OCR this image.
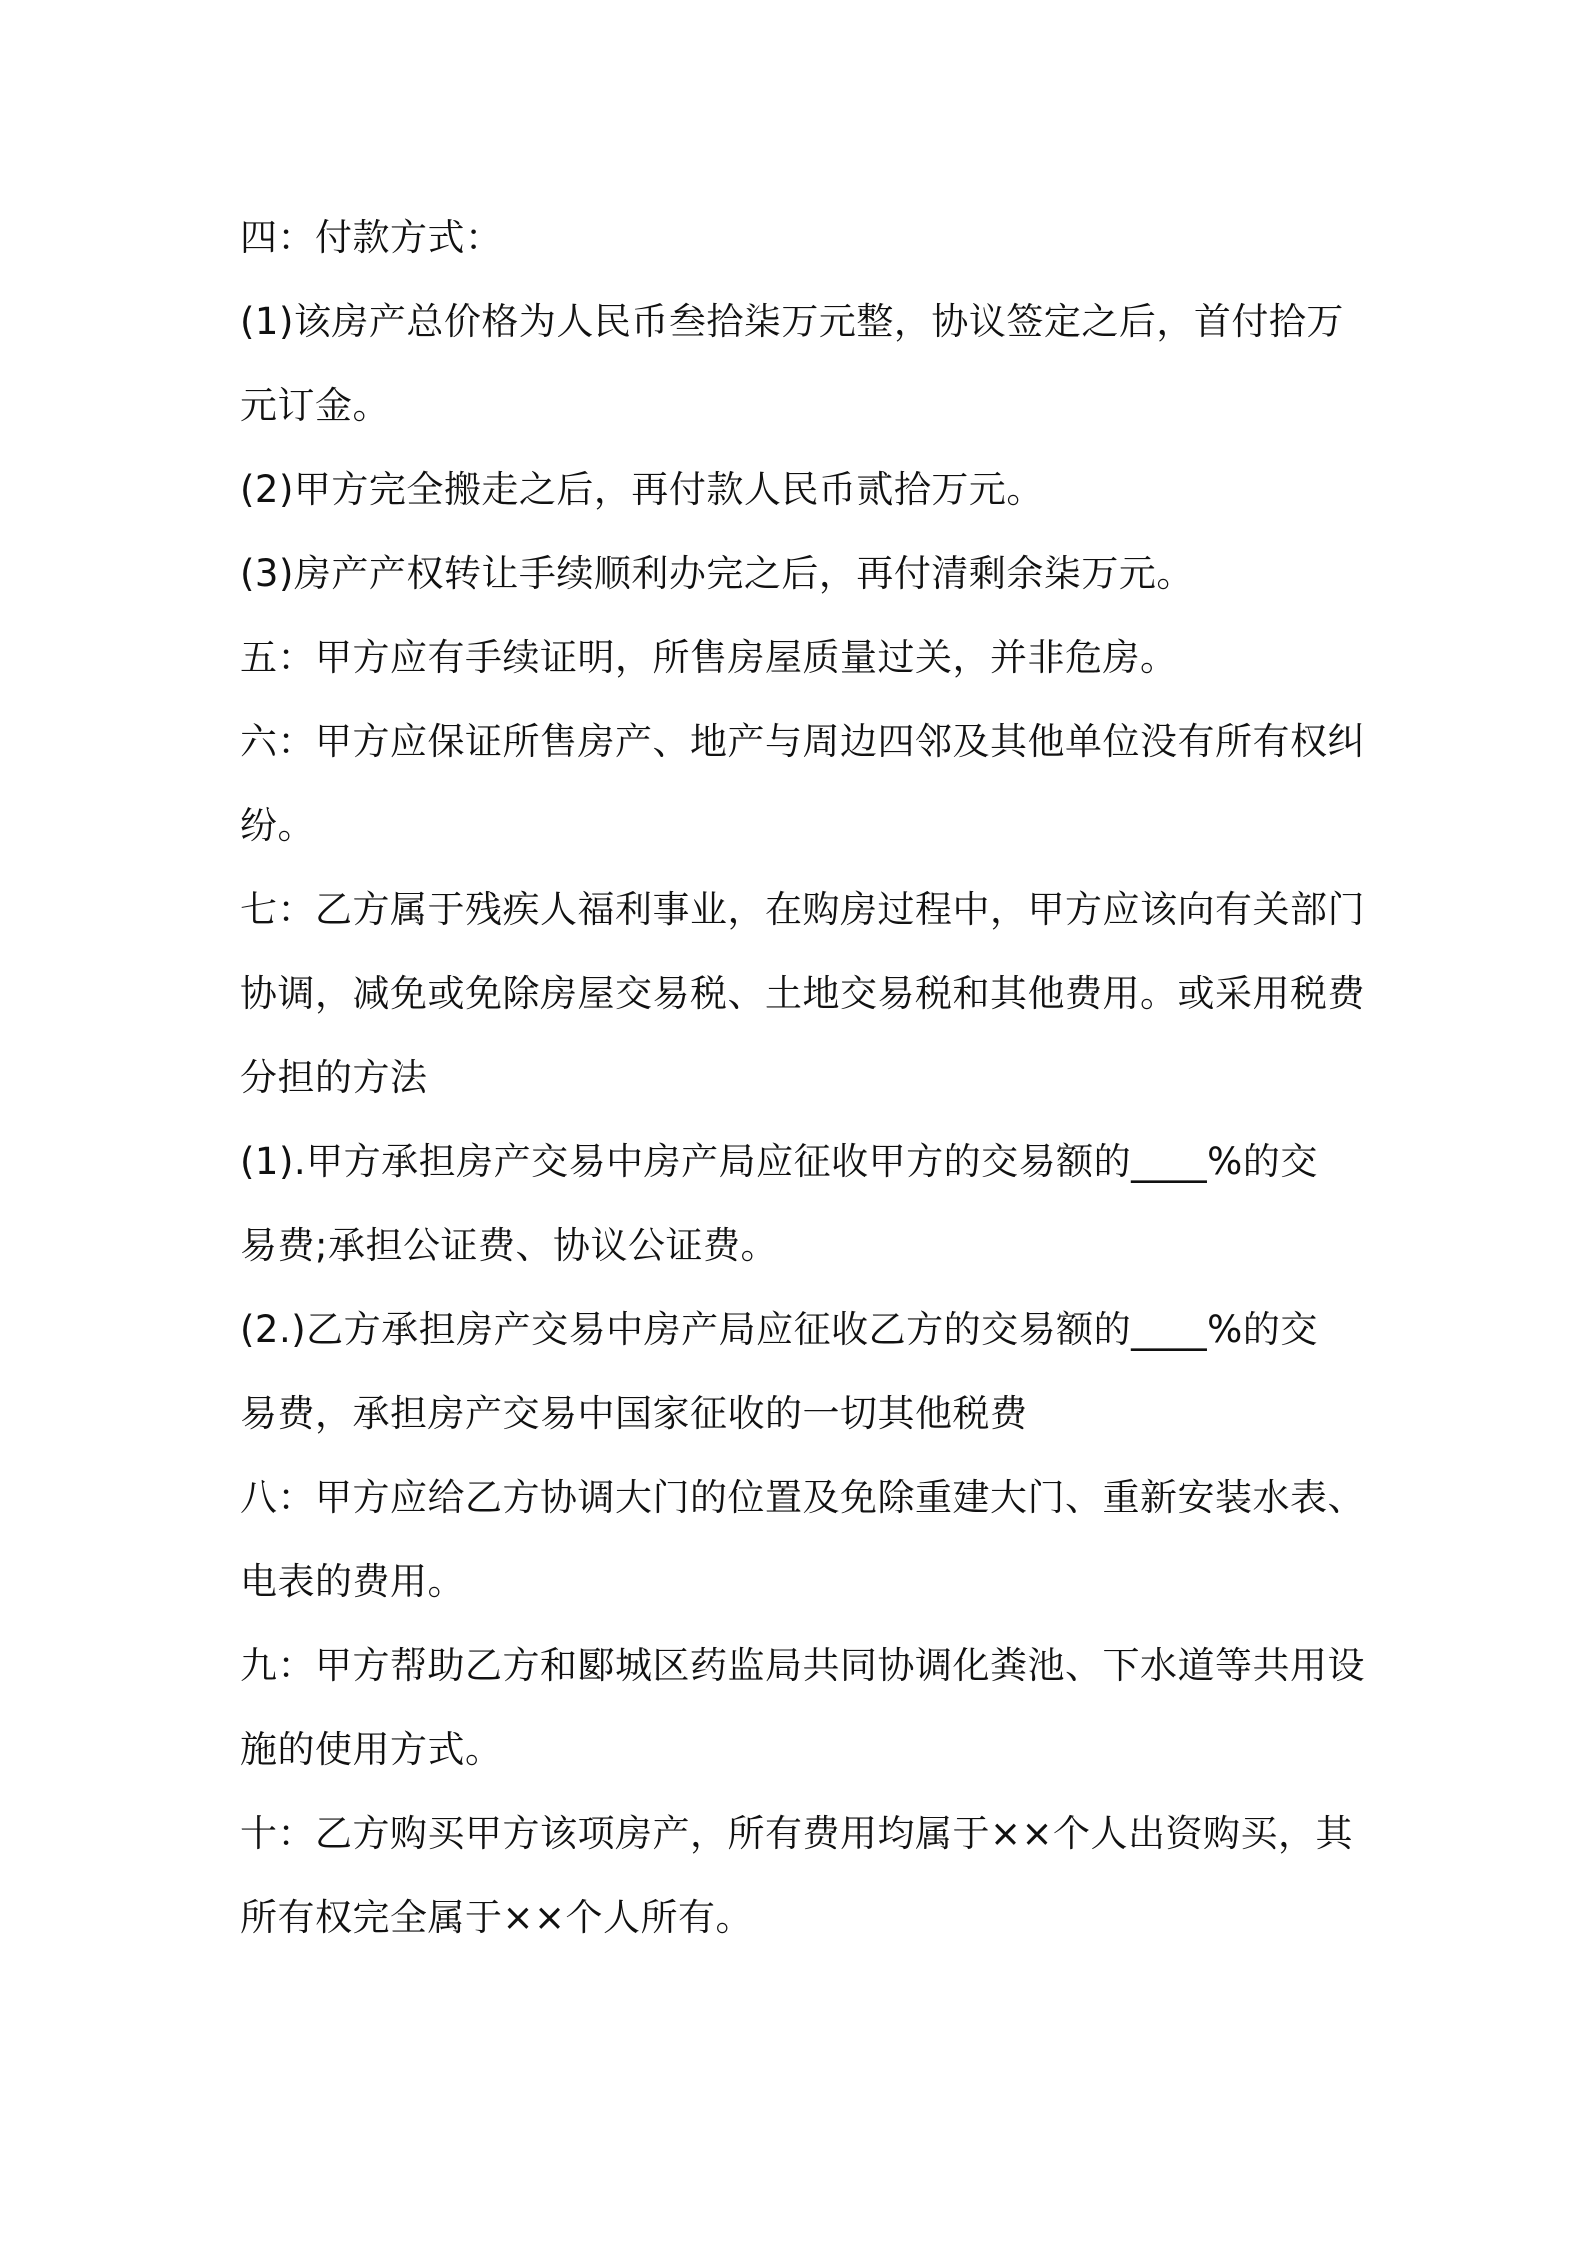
四：付款方式：
(1)该房产总价格为人民币叁拾柒万元整，协议签定之后，首付拾万
元订金。
(2)甲方完全搬走之后，再付款人民币贰拾万元。
(3)房产产权转让手续顺利办完之后，再付清剩余柒万元。
五：甲方应有手续证明，所售房屋质量过关，并非危房。
六：甲方应保证所售房产、地产与周边四邻及其他单位没有所有权纠
纷。
七：乙方属于残疾人福利事业，在购房过程中，甲方应该向有关部门
协调，减免或免除房屋交易税、土地交易税和其他费用。或采用税费
分担的方法
(1).甲方承担房产交易中房产局应征收甲方的交易额的____%的交
易费;承担公证费、协议公证费。
(2.)乙方承担房产交易中房产局应征收乙方的交易额的____%的交
易费，承担房产交易中国家征收的一切其他税费
八：甲方应给乙方协调大门的位置及免除重建大门、重新安装水表、
电表的费用。
九：甲方帮助乙方和郾城区药监局共同协调化粪池、下水道等共用设
施的使用方式。
十：乙方购买甲方该项房产，所有费用均属于××个人出资购买，其
所有权完全属于××个人所有。
